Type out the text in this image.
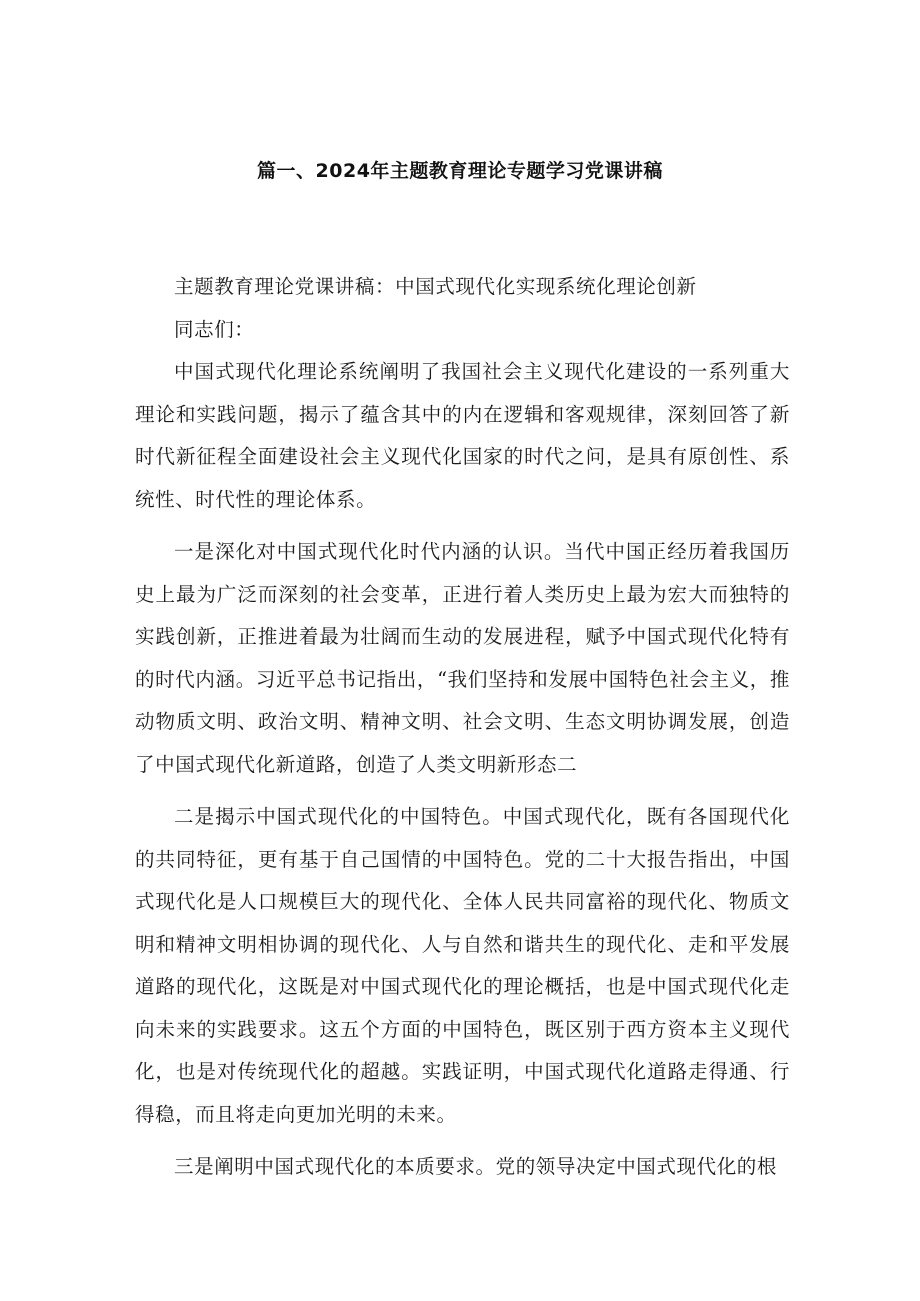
篇一、2024年主题教育理论专题学习党课讲稿

主题教育理论党课讲稿：中国式现代化实现系统化理论创新

同志们：

中国式现代化理论系统阐明了我国社会主义现代化建设的一系列重大理论和实践问题，揭示了蕴含其中的内在逻辑和客观规律，深刻回答了新时代新征程全面建设社会主义现代化国家的时代之问，是具有原创性、系统性、时代性的理论体系。

一是深化对中国式现代化时代内涵的认识。当代中国正经历着我国历史上最为广泛而深刻的社会变革，正进行着人类历史上最为宏大而独特的实践创新，正推进着最为壮阔而生动的发展进程，赋予中国式现代化特有的时代内涵。习近平总书记指出，“我们坚持和发展中国特色社会主义，推动物质文明、政治文明、精神文明、社会文明、生态文明协调发展，创造了中国式现代化新道路，创造了人类文明新形态二

二是揭示中国式现代化的中国特色。中国式现代化，既有各国现代化的共同特征，更有基于自己国情的中国特色。党的二十大报告指出，中国式现代化是人口规模巨大的现代化、全体人民共同富裕的现代化、物质文明和精神文明相协调的现代化、人与自然和谐共生的现代化、走和平发展道路的现代化，这既是对中国式现代化的理论概括，也是中国式现代化走向未来的实践要求。这五个方面的中国特色，既区别于西方资本主义现代化，也是对传统现代化的超越。实践证明，中国式现代化道路走得通、行得稳，而且将走向更加光明的未来。

三是阐明中国式现代化的本质要求。党的领导决定中国式现代化的根
